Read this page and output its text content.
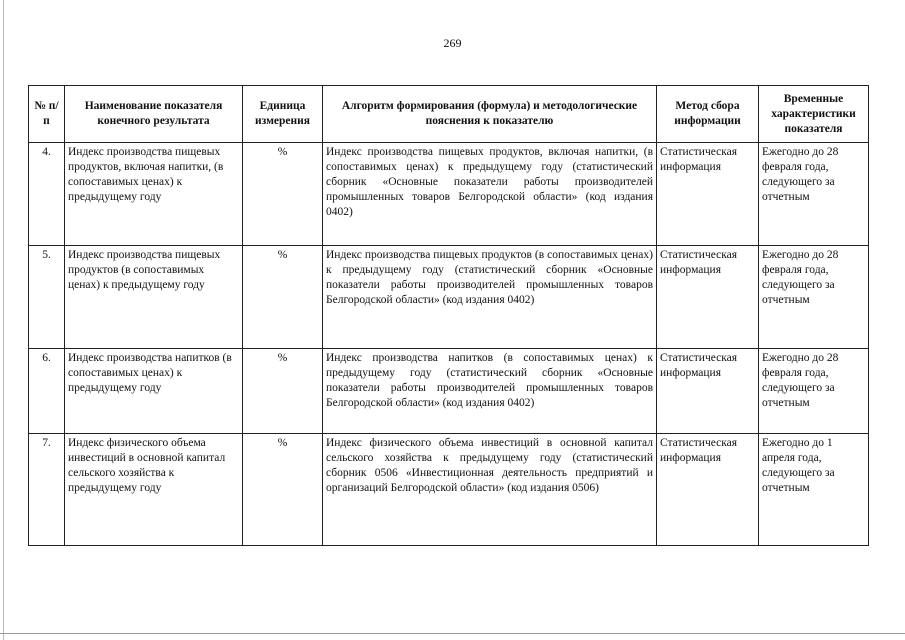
269
№ п/п	Наименование показателя конечного результата	Единица измерения	Алгоритм формирования (формула) и методологические пояснения к показателю	Метод сбора информации	Временные характеристики показателя
4.	Индекс производства пищевых продуктов, включая напитки, (в сопоставимых ценах) к предыдущему году	%	Индекс производства пищевых продуктов, включая напитки, (в сопоставимых ценах) к предыдущему году (статистический сборник «Основные показатели работы производителей промышленных товаров Белгородской области» (код издания 0402)	Статистическая информация	Ежегодно до 28 февраля года, следующего за отчетным
5.	Индекс производства пищевых продуктов (в сопоставимых ценах) к предыдущему году	%	Индекс производства пищевых продуктов (в сопоставимых ценах) к предыдущему году (статистический сборник «Основные показатели работы производителей промышленных товаров Белгородской области» (код издания 0402)	Статистическая информация	Ежегодно до 28 февраля года, следующего за отчетным
6.	Индекс производства напитков (в сопоставимых ценах) к предыдущему году	%	Индекс производства напитков (в сопоставимых ценах) к предыдущему году (статистический сборник «Основные показатели работы производителей промышленных товаров Белгородской области» (код издания 0402)	Статистическая информация	Ежегодно до 28 февраля года, следующего за отчетным
7.	Индекс физического объема инвестиций в основной капитал сельского хозяйства к предыдущему году	%	Индекс физического объема инвестиций в основной капитал сельского хозяйства к предыдущему году (статистический сборник 0506 «Инвестиционная деятельность предприятий и организаций Белгородской области» (код издания 0506)	Статистическая информация	Ежегодно до 1 апреля года, следующего за отчетным
